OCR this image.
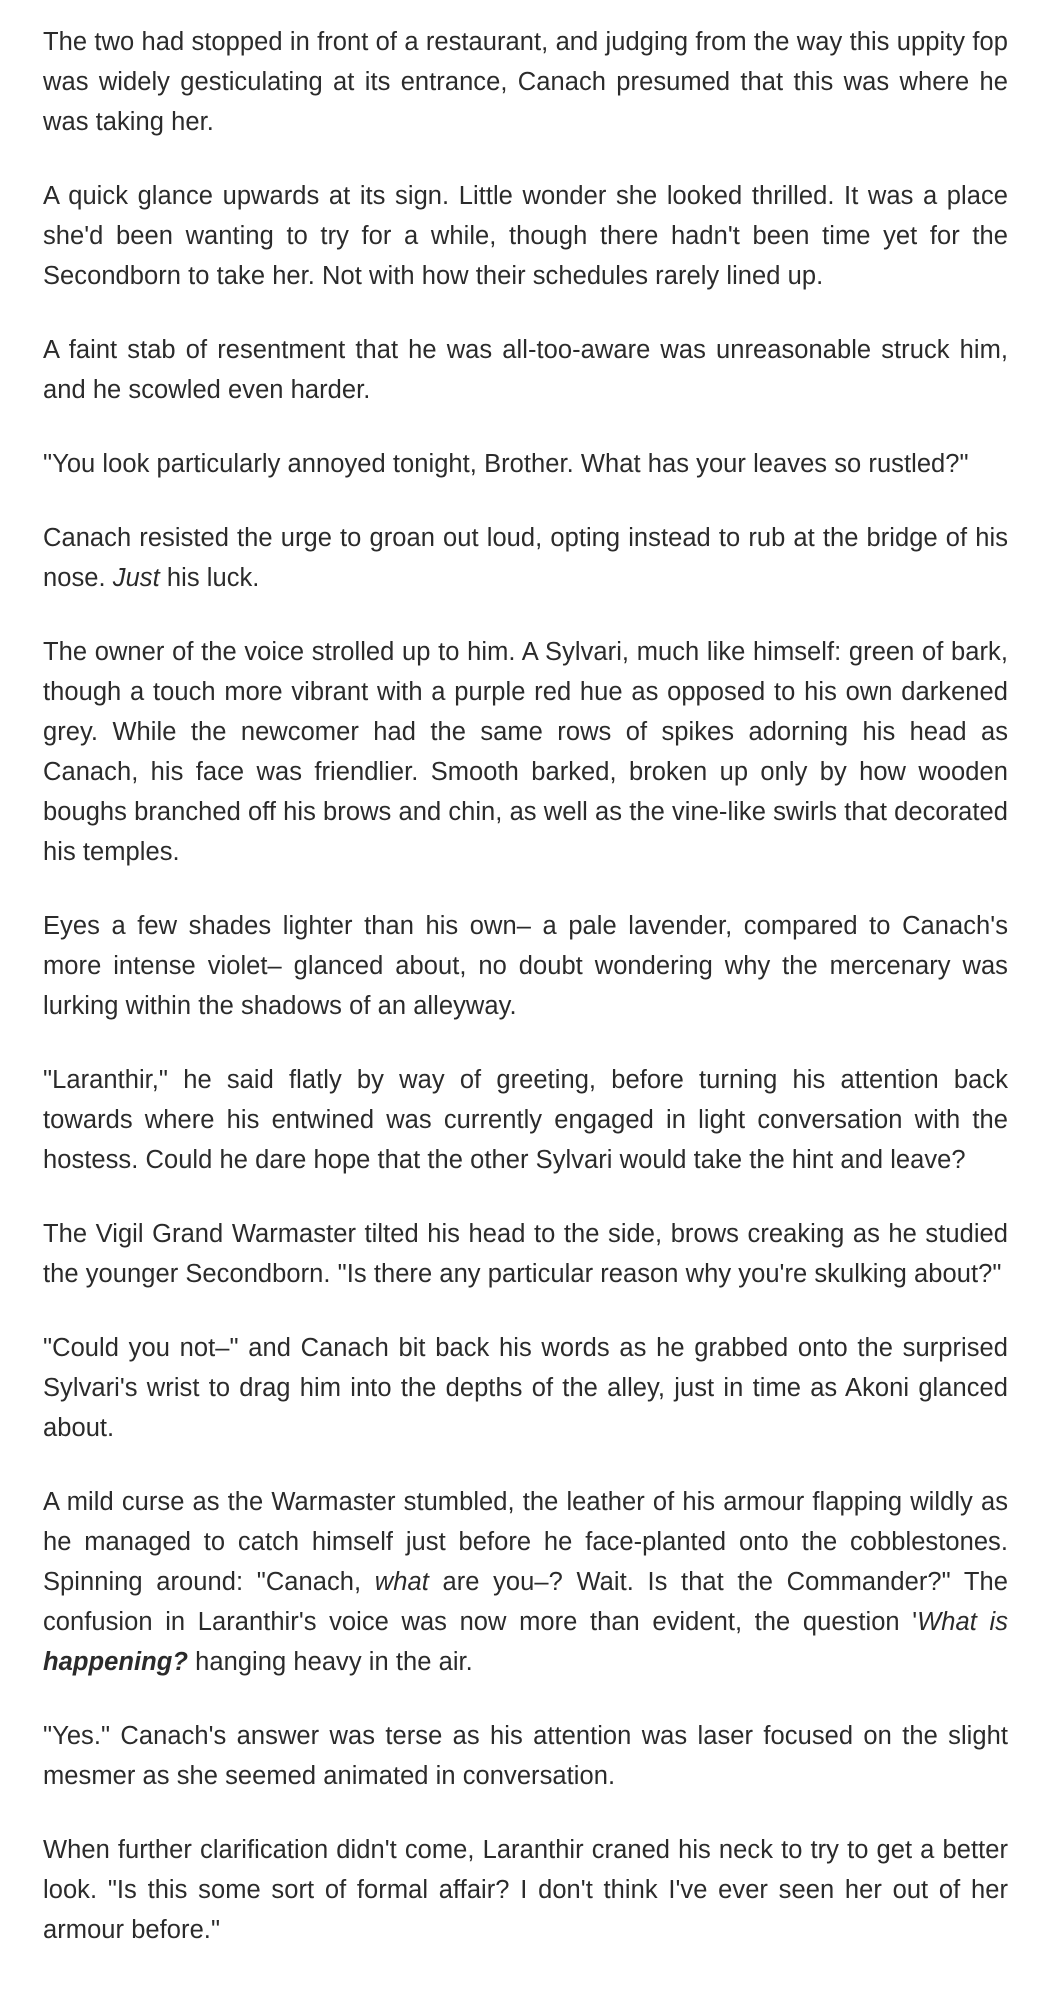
The two had stopped in front of a restaurant, and judging from the way this uppity fop was widely gesticulating at its entrance, Canach presumed that this was where he was taking her.

A quick glance upwards at its sign. Little wonder she looked thrilled. It was a place she'd been wanting to try for a while, though there hadn't been time yet for the Secondborn to take her. Not with how their schedules rarely lined up.

A faint stab of resentment that he was all-too-aware was unreasonable struck him, and he scowled even harder.

"You look particularly annoyed tonight, Brother. What has your leaves so rustled?"

Canach resisted the urge to groan out loud, opting instead to rub at the bridge of his nose. Just his luck.

The owner of the voice strolled up to him. A Sylvari, much like himself: green of bark, though a touch more vibrant with a purple red hue as opposed to his own darkened grey. While the newcomer had the same rows of spikes adorning his head as Canach, his face was friendlier. Smooth barked, broken up only by how wooden boughs branched off his brows and chin, as well as the vine-like swirls that decorated his temples.

Eyes a few shades lighter than his own– a pale lavender, compared to Canach's more intense violet– glanced about, no doubt wondering why the mercenary was lurking within the shadows of an alleyway.

"Laranthir," he said flatly by way of greeting, before turning his attention back towards where his entwined was currently engaged in light conversation with the hostess. Could he dare hope that the other Sylvari would take the hint and leave?

The Vigil Grand Warmaster tilted his head to the side, brows creaking as he studied the younger Secondborn. "Is there any particular reason why you're skulking about?"

"Could you not–" and Canach bit back his words as he grabbed onto the surprised Sylvari's wrist to drag him into the depths of the alley, just in time as Akoni glanced about.

A mild curse as the Warmaster stumbled, the leather of his armour flapping wildly as he managed to catch himself just before he face-planted onto the cobblestones. Spinning around: "Canach, what are you–? Wait. Is that the Commander?" The confusion in Laranthir's voice was now more than evident, the question 'What is happening? hanging heavy in the air.

"Yes." Canach's answer was terse as his attention was laser focused on the slight mesmer as she seemed animated in conversation.

When further clarification didn't come, Laranthir craned his neck to try to get a better look. "Is this some sort of formal affair? I don't think I've ever seen her out of her armour before."
